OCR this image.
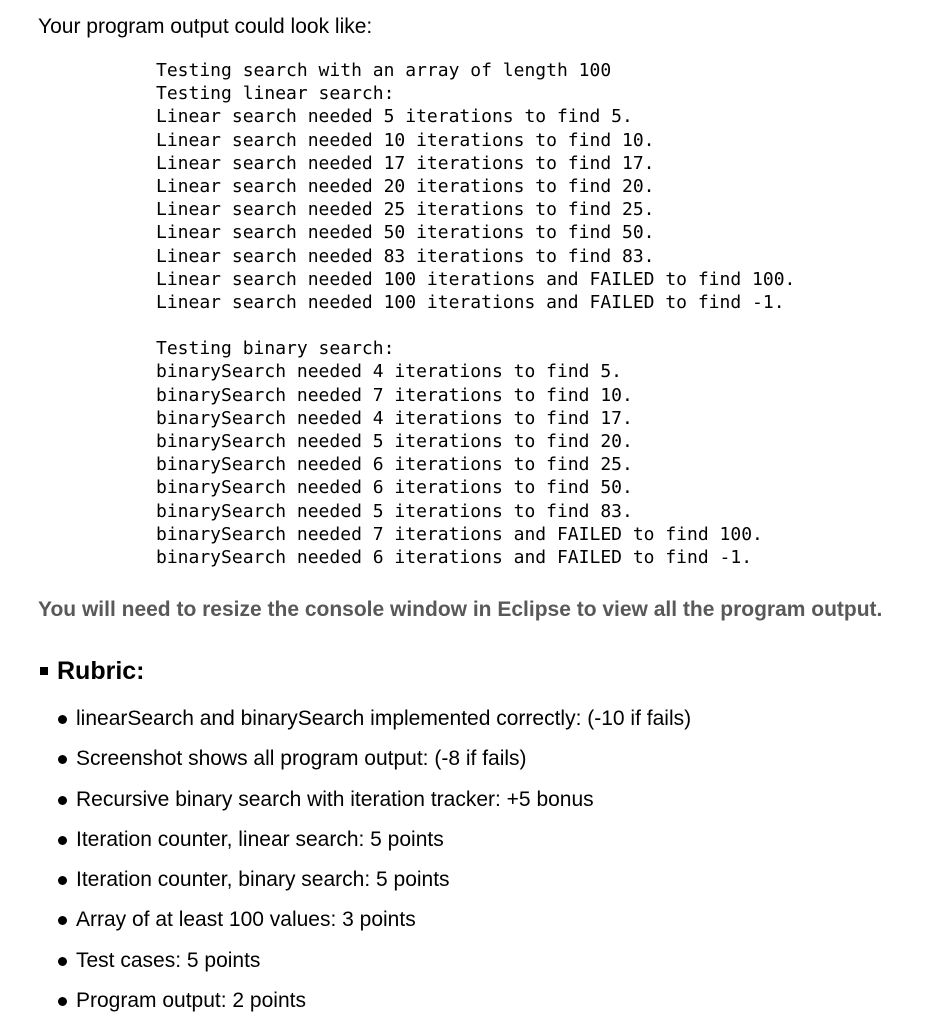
Your program output could look like:
Testing search with an array of length 100
Testing linear search:
Linear search needed 5 iterations to find 5.
Linear search needed 10 iterations to find 10.
Linear search needed 17 iterations to find 17.
Linear search needed 20 iterations to find 20.
Linear search needed 25 iterations to find 25.
Linear search needed 50 iterations to find 50.
Linear search needed 83 iterations to find 83.
Linear search needed 100 iterations and FAILED to find 100.
Linear search needed 100 iterations and FAILED to find -1.
Testing binary search:
binarySearch needed 4 iterations to find 5.
binarySearch needed 7 iterations to find 10.
binarySearch needed 4 iterations to find 17.
binarySearch needed 5 iterations to find 20.
binarySearch needed 6 iterations to find 25.
binarySearch needed 6 iterations to find 50.
binarySearch needed 5 iterations to find 83.
binarySearch needed 7 iterations and FAILED to find 100.
binarySearch needed 6 iterations and FAILED to find -1.
You will need to resize the console window in Eclipse to view all the program output.
Rubric:
linearSearch and binarySearch implemented correctly: (-10 if fails)
Screenshot shows all program output: (-8 if fails)
Recursive binary search with iteration tracker: +5 bonus
Iteration counter, linear search: 5 points
Iteration counter, binary search: 5 points
Array of at least 100 values: 3 points
Test cases: 5 points
Program output: 2 points
